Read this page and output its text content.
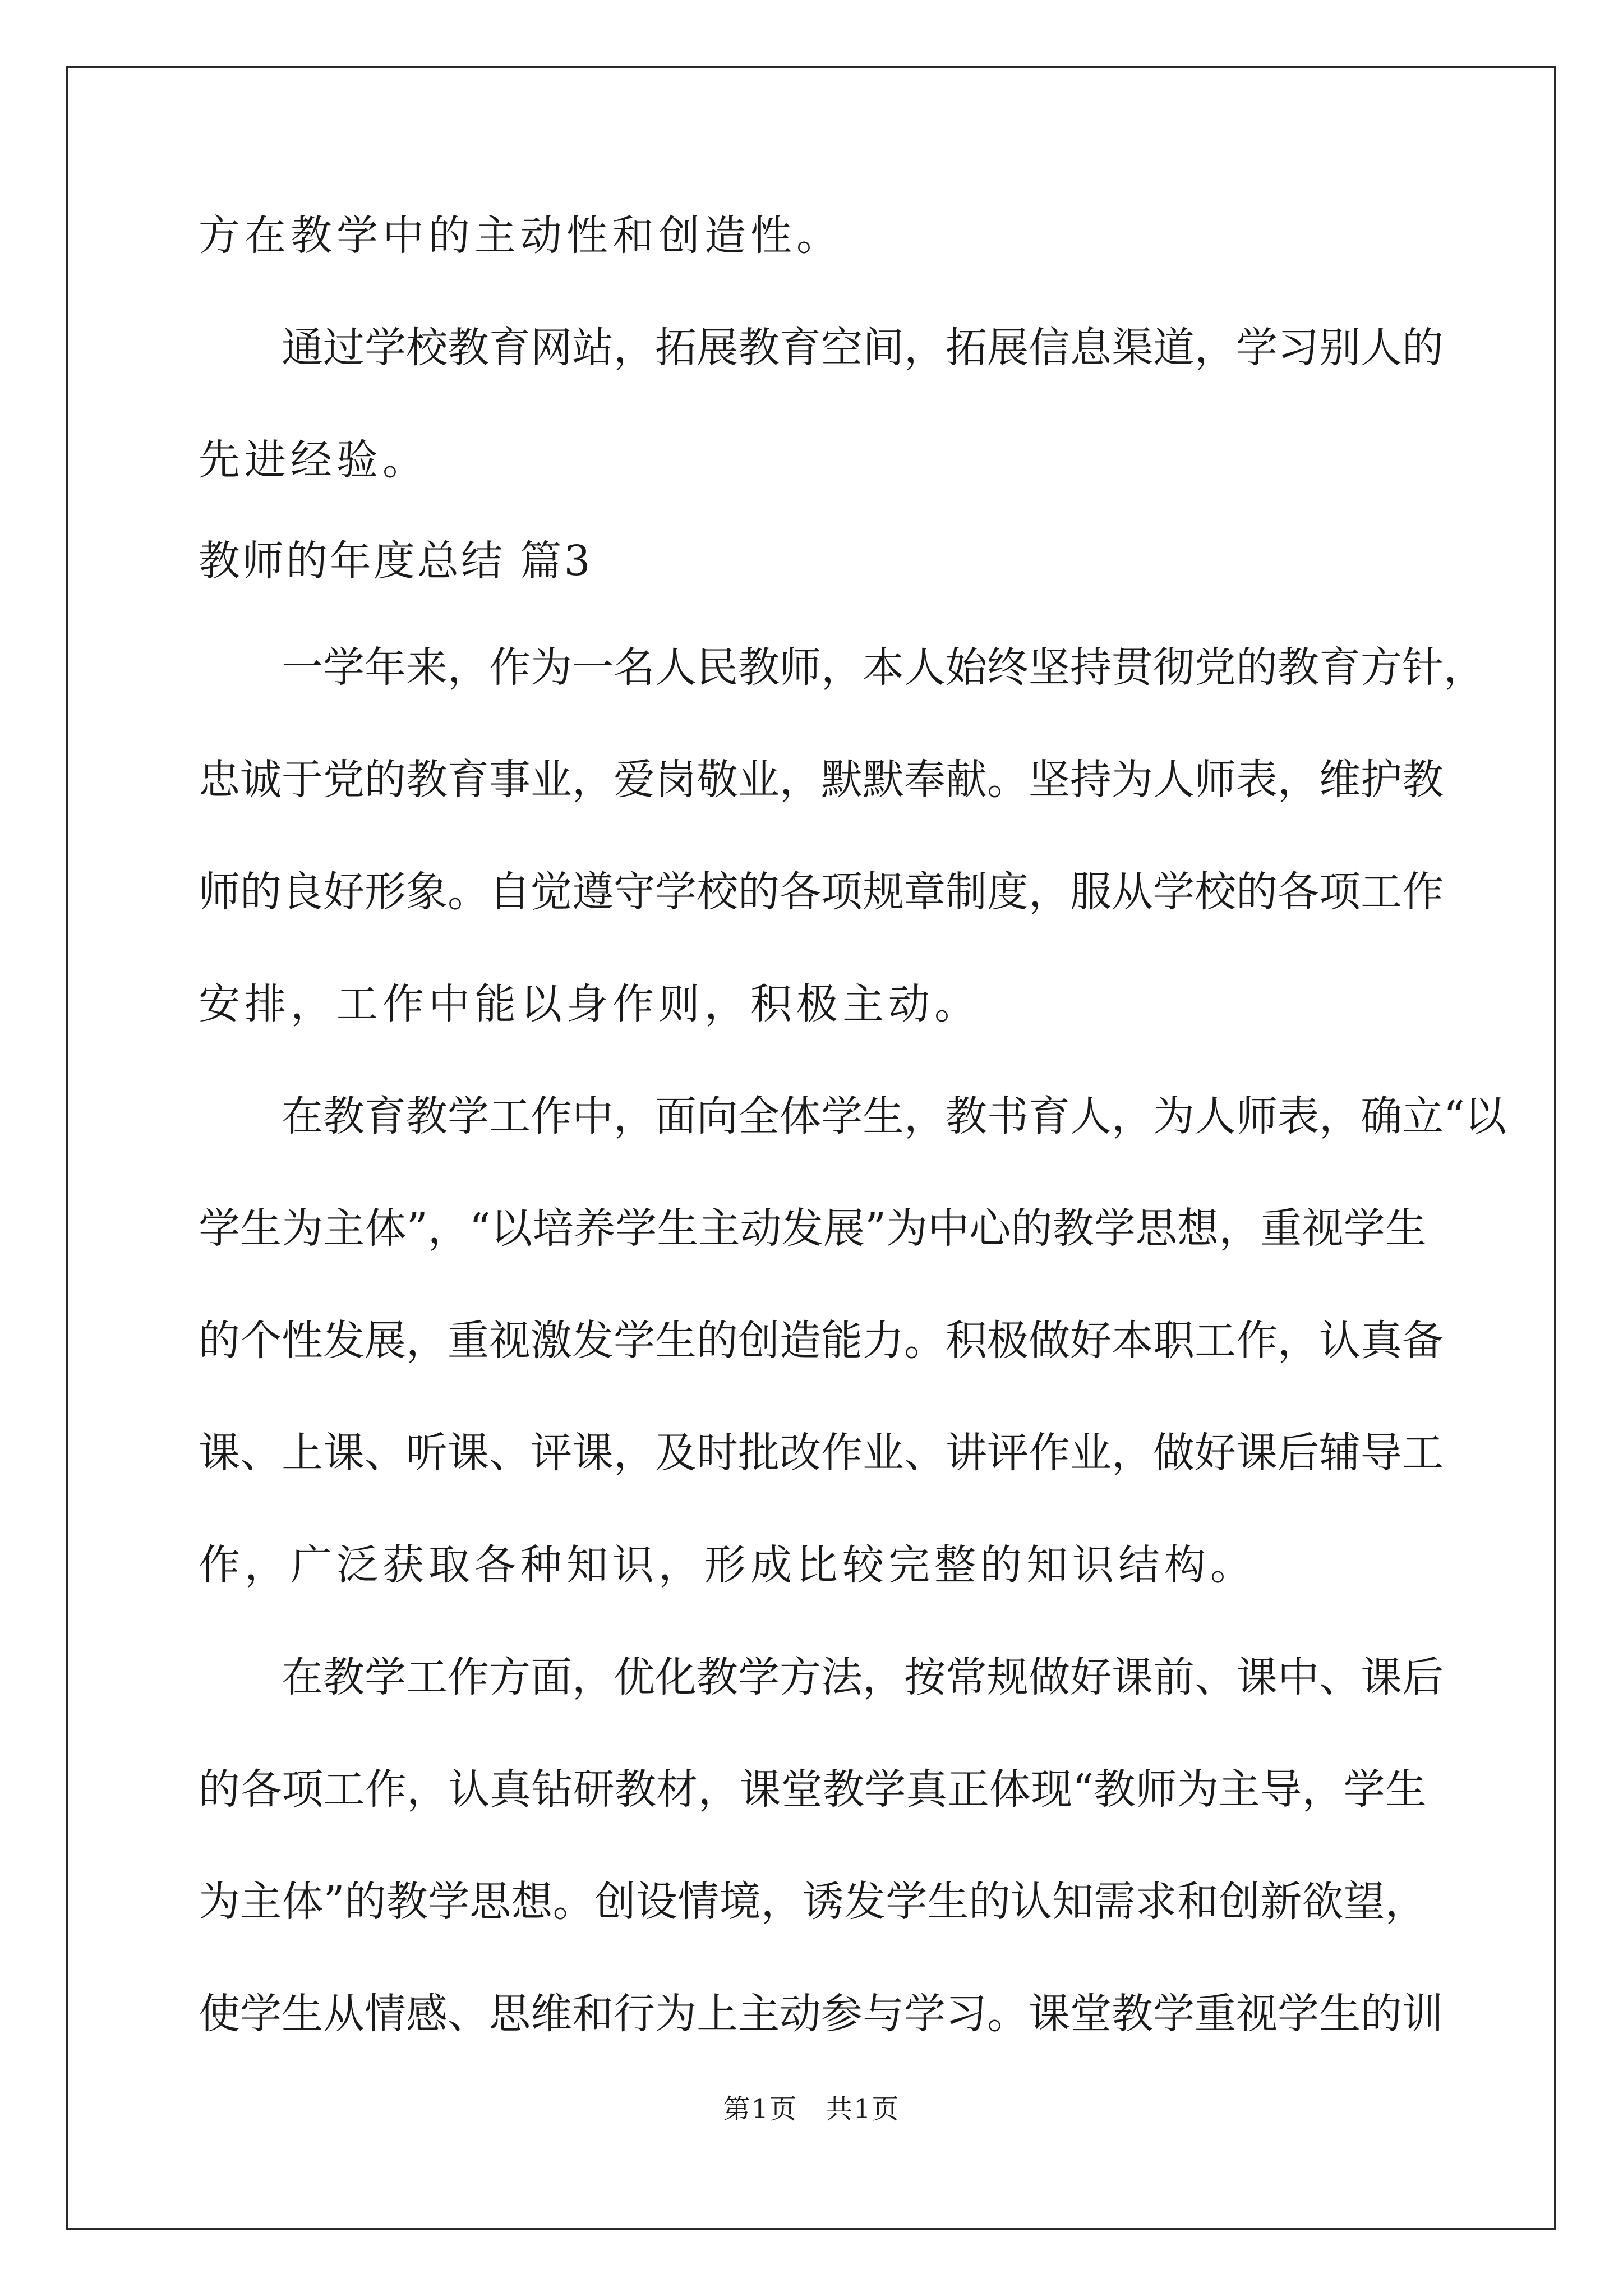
方在教学中的主动性和创造性。
通 过 学 校 教 育 网 站 ， 拓 展 教 育 空 间 ， 拓 展 信 息 渠 道 ， 学 习 别 人 的
先进经验。
教师的年度总结 篇3
一 学 年 来 ， 作 为 一 名 人 民 教 师 ， 本 人 始 终 坚 持 贯 彻 党 的 教 育 方 针 ，
忠 诚 于 党 的 教 育 事 业 ， 爱 岗 敬 业 ， 默 默 奉 献 。 坚 持 为 人 师 表 ， 维 护 教
师 的 良 好 形 象 。 自 觉 遵 守 学 校 的 各 项 规 章 制 度 ， 服 从 学 校 的 各 项 工 作
安排，工作中能以身作则，积极主动。
在 教 育 教 学 工 作 中 ， 面 向 全 体 学 生 ， 教 书 育 人 ， 为 人 师 表 ， 确 立 “ 以
学 生 为 主 体 ” ， “ 以 培 养 学 生 主 动 发 展 ” 为 中 心 的 教 学 思 想 ， 重 视 学 生
的 个 性 发 展 ， 重 视 激 发 学 生 的 创 造 能 力 。 积 极 做 好 本 职 工 作 ， 认 真 备
课 、 上 课 、 听 课 、 评 课 ， 及 时 批 改 作 业 、 讲 评 作 业 ， 做 好 课 后 辅 导 工
作，广泛获取各种知识，形成比较完整的知识结构。
在 教 学 工 作 方 面 ， 优 化 教 学 方 法 ， 按 常 规 做 好 课 前 、 课 中 、 课 后
的 各 项 工 作 ， 认 真 钻 研 教 材 ， 课 堂 教 学 真 正 体 现 “ 教 师 为 主 导 ， 学 生
为 主 体 ” 的 教 学 思 想 。 创 设 情 境 ， 诱 发 学 生 的 认 知 需 求 和 创 新 欲 望 ，
使 学 生 从 情 感 、 思 维 和 行 为 上 主 动 参 与 学 习 。 课 堂 教 学 重 视 学 生 的 训
第1页　共1页
